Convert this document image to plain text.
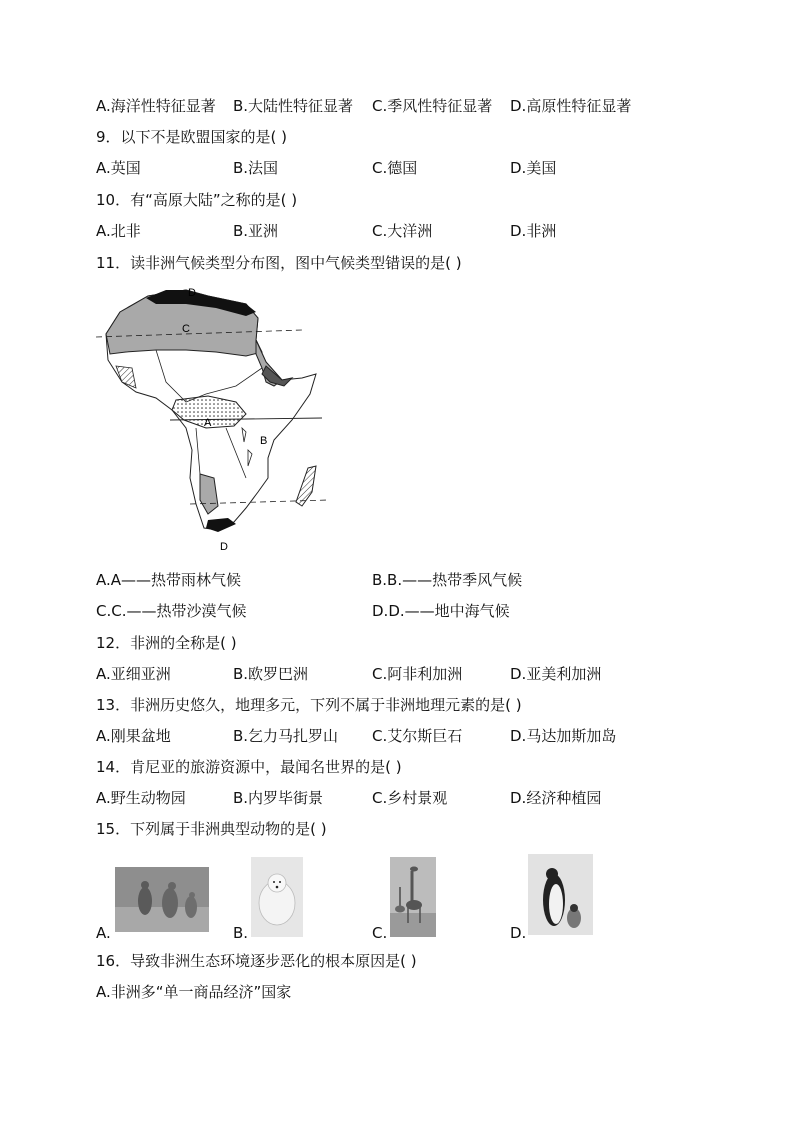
A.海洋性特征显著 B.大陆性特征显著 C.季风性特征显著 D.高原性特征显著
9．以下不是欧盟国家的是( )
A.英国	B.法国	C.德国	D.美国
10．有“高原大陆”之称的是( )
A.北非	B.亚洲	C.大洋洲	D.非洲
11．读非洲气候类型分布图，图中气候类型错误的是( )
C
A
B
D
D
A.A——热带雨林气候	B.B.——热带季风气候
C.C.——热带沙漠气候	D.D.——地中海气候
12．非洲的全称是( )
A.亚细亚洲	B.欧罗巴洲	C.阿非利加洲	D.亚美利加洲
13．非洲历史悠久，地理多元，下列不属于非洲地理元素的是( )
A.刚果盆地	B.乞力马扎罗山 C.艾尔斯巨石	D.马达加斯加岛
14．肯尼亚的旅游资源中，最闻名世界的是( )
A.野生动物园	B.内罗毕街景	C.乡村景观	D.经济种植园
15．下列属于非洲典型动物的是( )
A.	B.	C.	D.
16．导致非洲生态环境逐步恶化的根本原因是( )
A.非洲多“单一商品经济”国家
